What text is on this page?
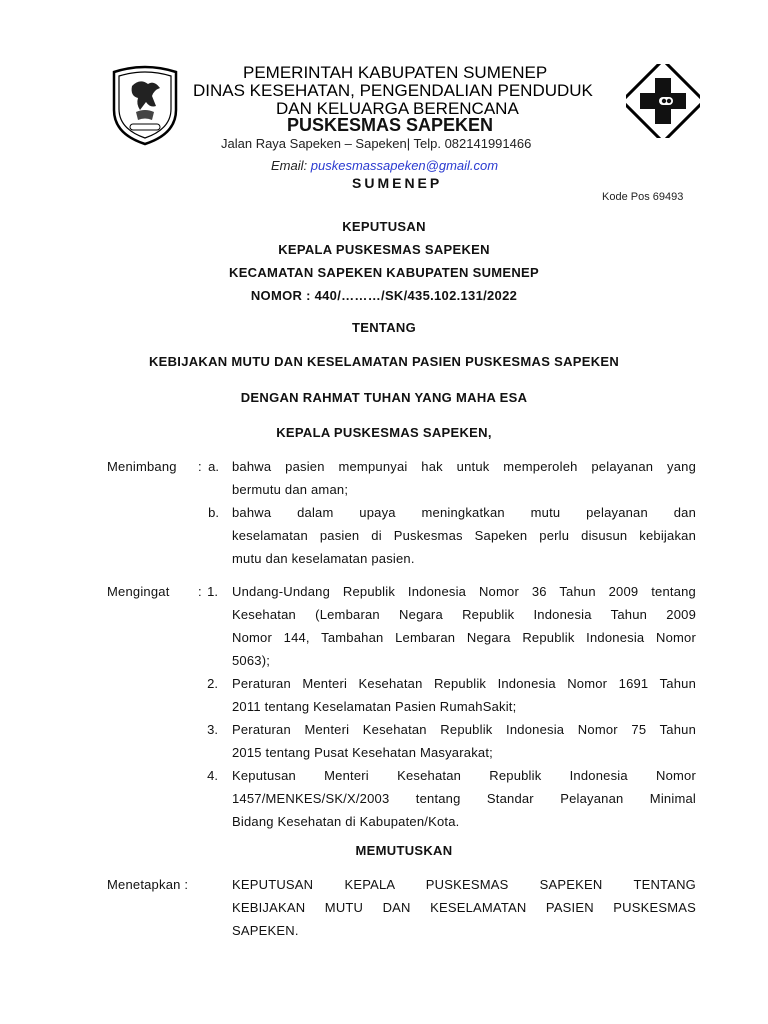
PEMERINTAH KABUPATEN SUMENEP
DINAS KESEHATAN, PENGENDALIAN PENDUDUK
DAN KELUARGA BERENCANA
PUSKESMAS SAPEKEN
Jalan Raya Sapeken – Sapeken| Telp. 082141991466
Email: puskesmassapeken@gmail.com
SUMENEP
Kode Pos 69493
KEPUTUSAN
KEPALA PUSKESMAS SAPEKEN
KECAMATAN SAPEKEN KABUPATEN SUMENEP
NOMOR : 440/………/SK/435.102.131/2022
TENTANG
KEBIJAKAN MUTU DAN KESELAMATAN PASIEN PUSKESMAS SAPEKEN
DENGAN RAHMAT TUHAN YANG MAHA ESA
KEPALA PUSKESMAS SAPEKEN,
Menimbang : a. bahwa pasien mempunyai hak untuk memperoleh pelayanan yang
bermutu dan aman;
b. bahwa dalam upaya meningkatkan mutu pelayanan dan
keselamatan pasien di Puskesmas Sapeken perlu disusun kebijakan
mutu dan keselamatan pasien.
Mengingat : 1. Undang-Undang Republik Indonesia Nomor 36 Tahun 2009 tentang
Kesehatan (Lembaran Negara Republik Indonesia Tahun 2009
Nomor 144, Tambahan Lembaran Negara Republik Indonesia Nomor
5063);
2. Peraturan Menteri Kesehatan Republik Indonesia Nomor 1691 Tahun
2011 tentang Keselamatan Pasien RumahSakit;
3. Peraturan Menteri Kesehatan Republik Indonesia Nomor 75 Tahun
2015 tentang Pusat Kesehatan Masyarakat;
4. Keputusan Menteri Kesehatan Republik Indonesia Nomor
1457/MENKES/SK/X/2003 tentang Standar Pelayanan Minimal
Bidang Kesehatan di Kabupaten/Kota.
MEMUTUSKAN
Menetapkan :	KEPUTUSAN KEPALA PUSKESMAS SAPEKEN TENTANG
KEBIJAKAN MUTU DAN KESELAMATAN PASIEN PUSKESMAS
SAPEKEN.
